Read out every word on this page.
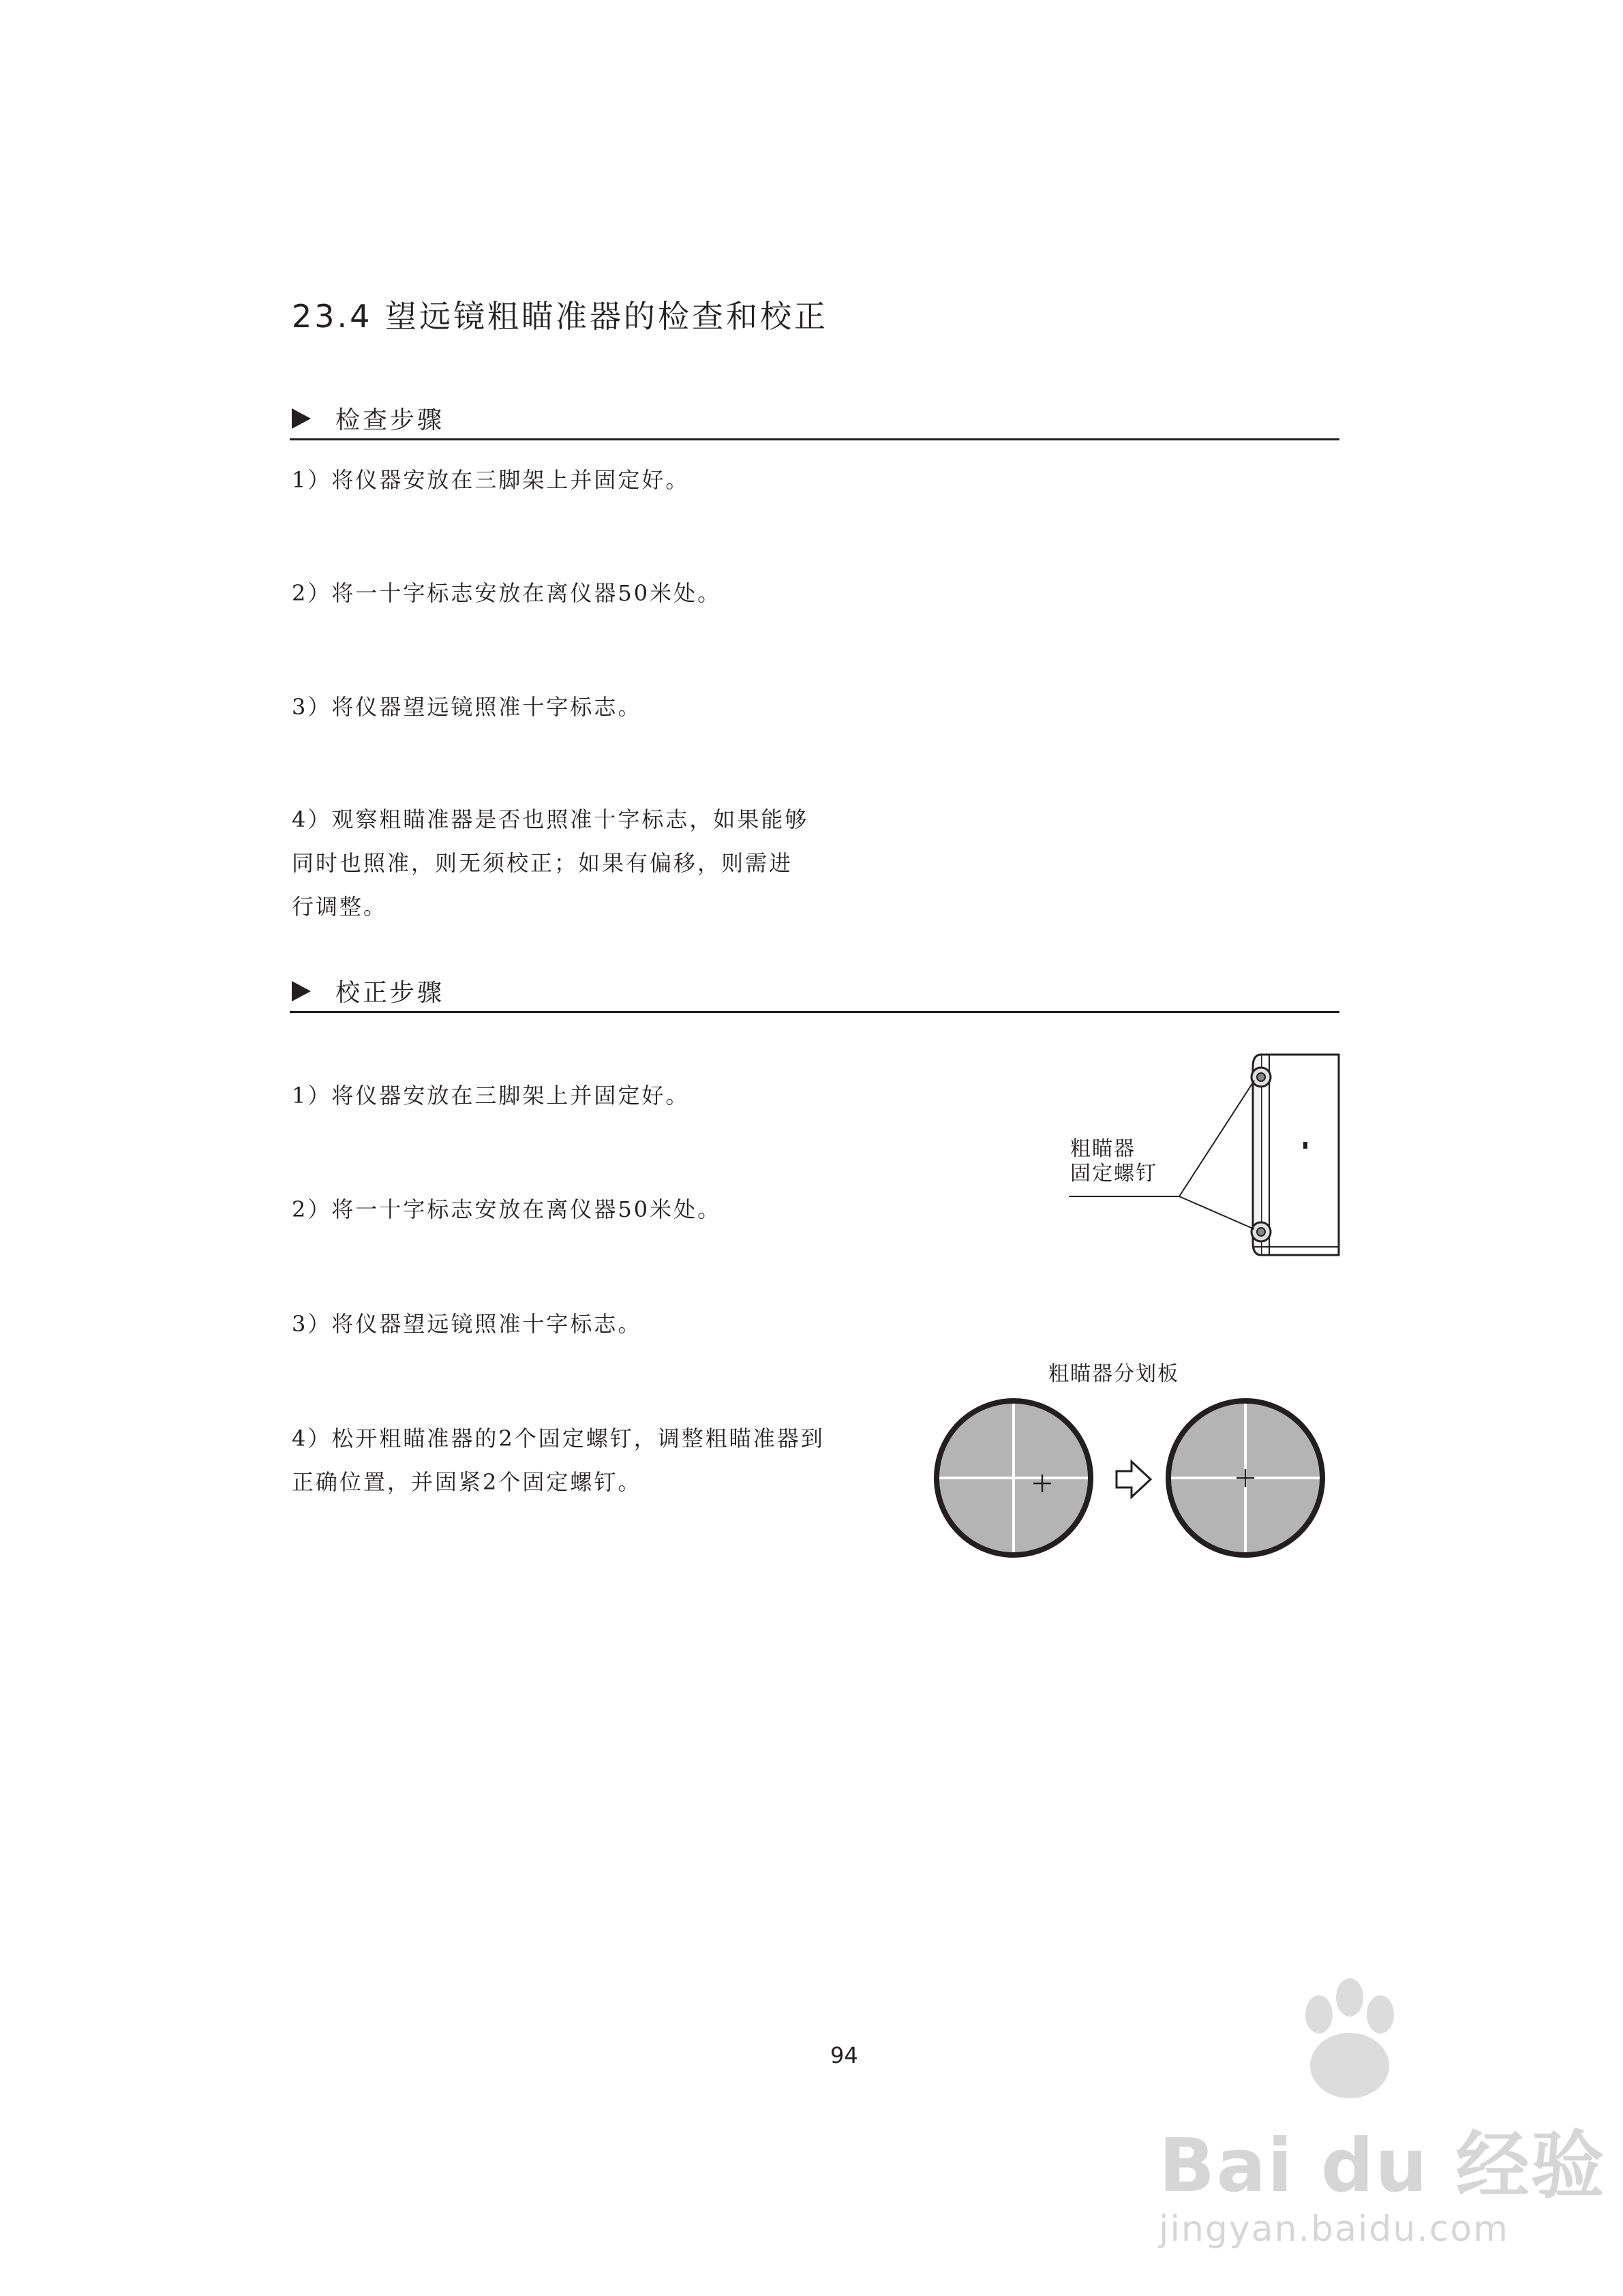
23.4 望远镜粗瞄准器的检查和校正
检查步骤
1）将仪器安放在三脚架上并固定好。
2）将一十字标志安放在离仪器50米处。
3）将仪器望远镜照准十字标志。
4）观察粗瞄准器是否也照准十字标志，如果能够
同时也照准，则无须校正；如果有偏移，则需进
行调整。
校正步骤
1）将仪器安放在三脚架上并固定好。
2）将一十字标志安放在离仪器50米处。
3）将仪器望远镜照准十字标志。
4）松开粗瞄准器的2个固定螺钉，调整粗瞄准器到
正确位置，并固紧2个固定螺钉。
粗瞄器
固定螺钉
粗瞄器分划板
94
Bai du 经验
jingyan.baidu.com
